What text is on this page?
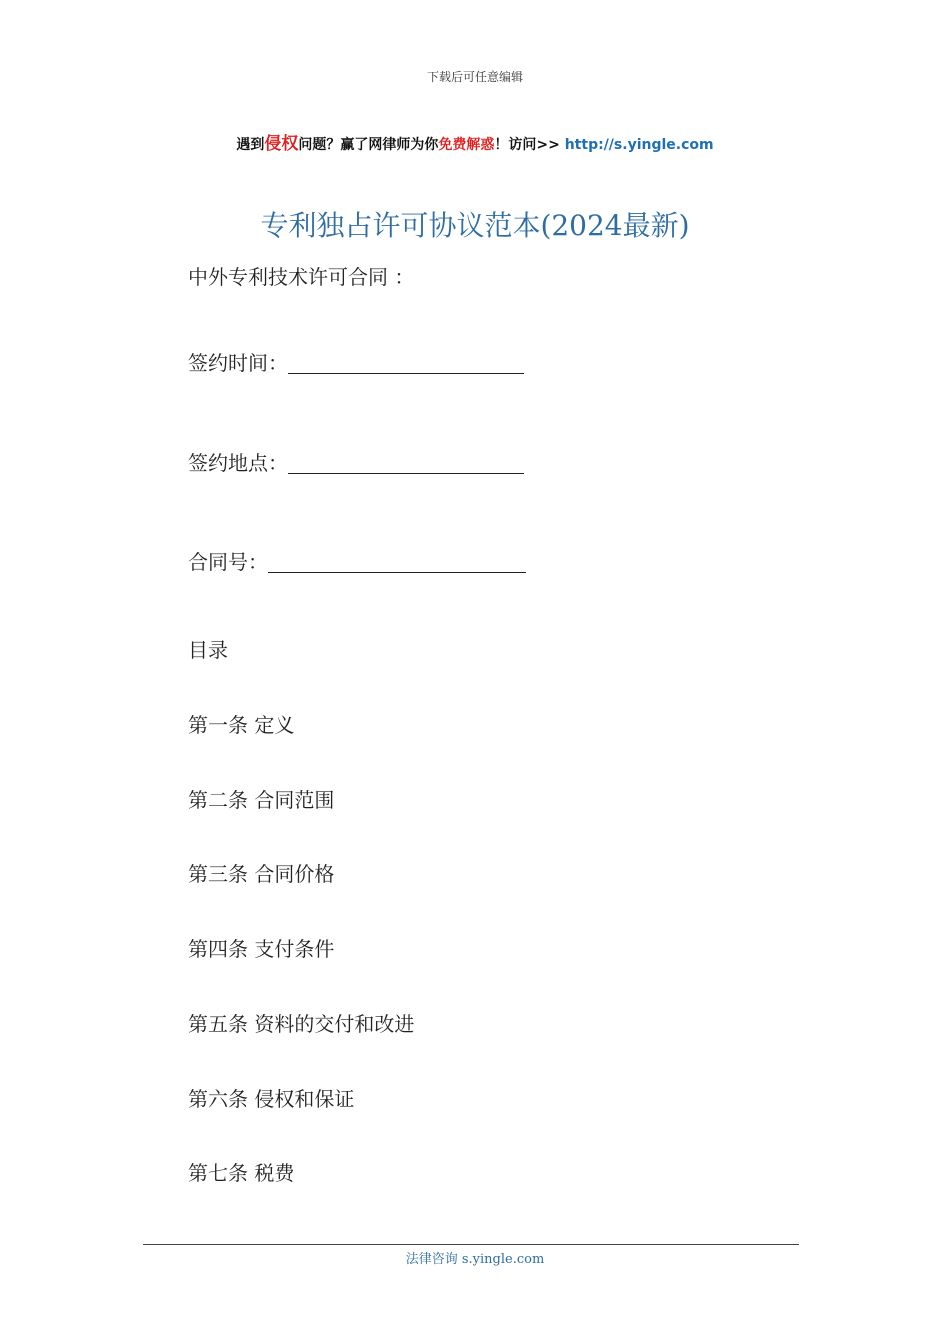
下载后可任意编辑
遇到侵权问题？赢了网律师为你免费解惑！访问>> http://s.yingle.com
专利独占许可协议范本(2024最新)
中外专利技术许可合同 ：
签约时间：
签约地点：
合同号：
目录
第一条 定义
第二条 合同范围
第三条 合同价格
第四条 支付条件
第五条 资料的交付和改进
第六条 侵权和保证
第七条 税费
法律咨询 s.yingle.com
